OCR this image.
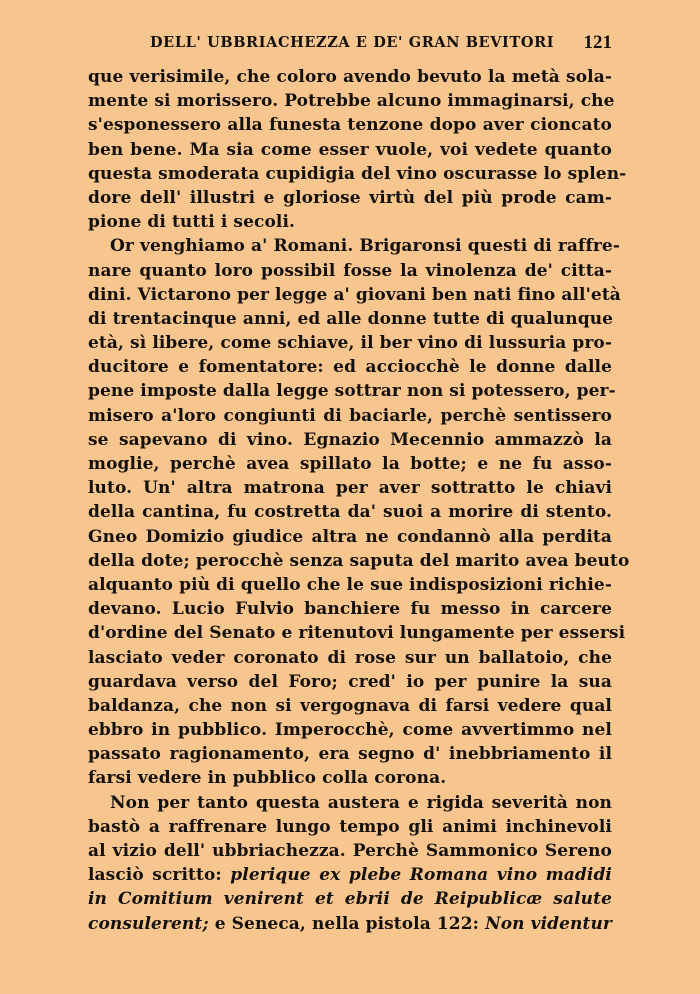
DELL' UBBRIACHEZZA E DE' GRAN BEVITORI 121
que verisimile, che coloro avendo bevuto la metà sola-
mente si morissero. Potrebbe alcuno immaginarsi, che
s'esponessero alla funesta tenzone dopo aver cioncato
ben bene. Ma sia come esser vuole, voi vedete quanto
questa smoderata cupidigia del vino oscurasse lo splen-
dore dell' illustri e gloriose virtù del più prode cam-
pione di tutti i secoli.
Or venghiamo a' Romani. Brigaronsi questi di raffre-
nare quanto loro possibil fosse la vinolenza de' citta-
dini. Victarono per legge a' giovani ben nati fino all'età
di trentacinque anni, ed alle donne tutte di qualunque
età, sì libere, come schiave, il ber vino di lussuria pro-
ducitore e fomentatore: ed acciocchè le donne dalle
pene imposte dalla legge sottrar non si potessero, per-
misero a'loro congiunti di baciarle, perchè sentissero
se sapevano di vino. Egnazio Mecennio ammazzò la
moglie, perchè avea spillato la botte; e ne fu asso-
luto. Un' altra matrona per aver sottratto le chiavi
della cantina, fu costretta da' suoi a morire di stento.
Gneo Domizio giudice altra ne condannò alla perdita
della dote; perocchè senza saputa del marito avea beuto
alquanto più di quello che le sue indisposizioni richie-
devano. Lucio Fulvio banchiere fu messo in carcere
d'ordine del Senato e ritenutovi lungamente per essersi
lasciato veder coronato di rose sur un ballatoio, che
guardava verso del Foro; cred' io per punire la sua
baldanza, che non si vergognava di farsi vedere qual
ebbro in pubblico. Imperocchè, come avvertimmo nel
passato ragionamento, era segno d' inebbriamento il
farsi vedere in pubblico colla corona.
Non per tanto questa austera e rigida severità non
bastò a raffrenare lungo tempo gli animi inchinevoli
al vizio dell' ubbriachezza. Perchè Sammonico Sereno
lasciò scritto: plerique ex plebe Romana vino madidi
in Comitium venirent et ebrii de Reipublicæ salute
consulerent; e Seneca, nella pistola 122: Non videntur
